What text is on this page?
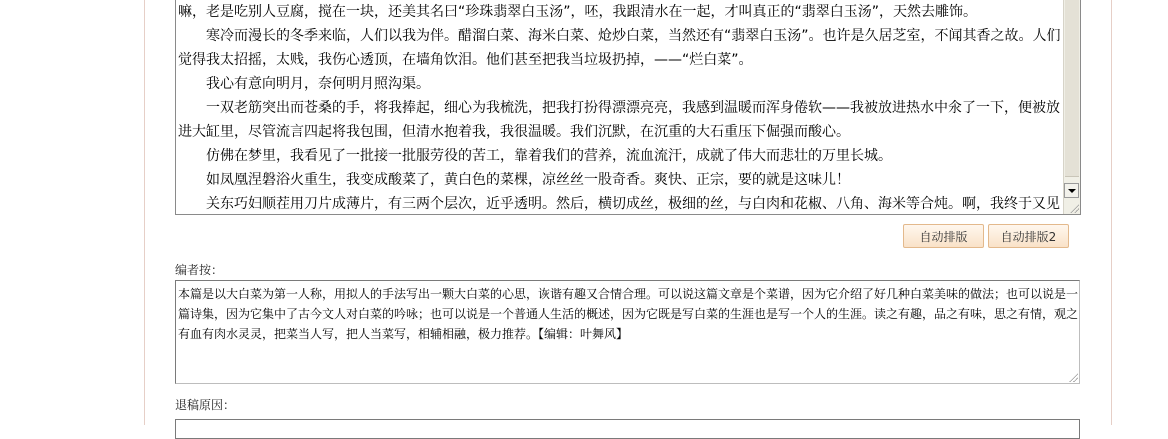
嘛，老是吃别人豆腐，搅在一块，还美其名曰“珍珠翡翠白玉汤”，呸，我跟清水在一起，才叫真正的“翡翠白玉汤”，天然去雕饰。

寒冷而漫长的冬季来临，人们以我为伴。醋溜白菜、海米白菜、炝炒白菜，当然还有“翡翠白玉汤”。也许是久居芝室，不闻其香之故。人们觉得我太招摇，太贱，我伤心透顶，在墙角饮泪。他们甚至把我当垃圾扔掉，——“烂白菜”。

我心有意向明月，奈何明月照沟渠。

一双老筋突出而苍桑的手，将我捧起，细心为我梳洗，把我打扮得漂漂亮亮，我感到温暖而浑身倦软——我被放进热水中氽了一下，便被放进大缸里，尽管流言四起将我包围，但清水抱着我，我很温暖。我们沉默，在沉重的大石重压下倔强而酸心。

仿佛在梦里，我看见了一批接一批服劳役的苦工，靠着我们的营养，流血流汗，成就了伟大而悲壮的万里长城。

如凤凰涅磐浴火重生，我变成酸菜了，黄白色的菜棵，凉丝丝一股奇香。爽快、正宗，要的就是这味儿！

关东巧妇顺茬用刀片成薄片，有三两个层次，近乎透明。然后，横切成丝，极细的丝，与白肉和花椒、八角、海米等合炖。啊，我终于又见

自动排版	自动排版2
编者按：
本篇是以大白菜为第一人称，用拟人的手法写出一颗大白菜的心思，诙谐有趣又合情合理。可以说这篇文章是个菜谱，因为它介绍了好几种白菜美味的做法；也可以说是一篇诗集，因为它集中了古今文人对白菜的吟咏；也可以说是一个普通人生活的概述，因为它既是写白菜的生涯也是写一个人的生涯。读之有趣，品之有味，思之有情，观之有血有肉水灵灵，把菜当人写，把人当菜写，相辅相融，极力推荐。【编辑：叶舞风】
退稿原因：
